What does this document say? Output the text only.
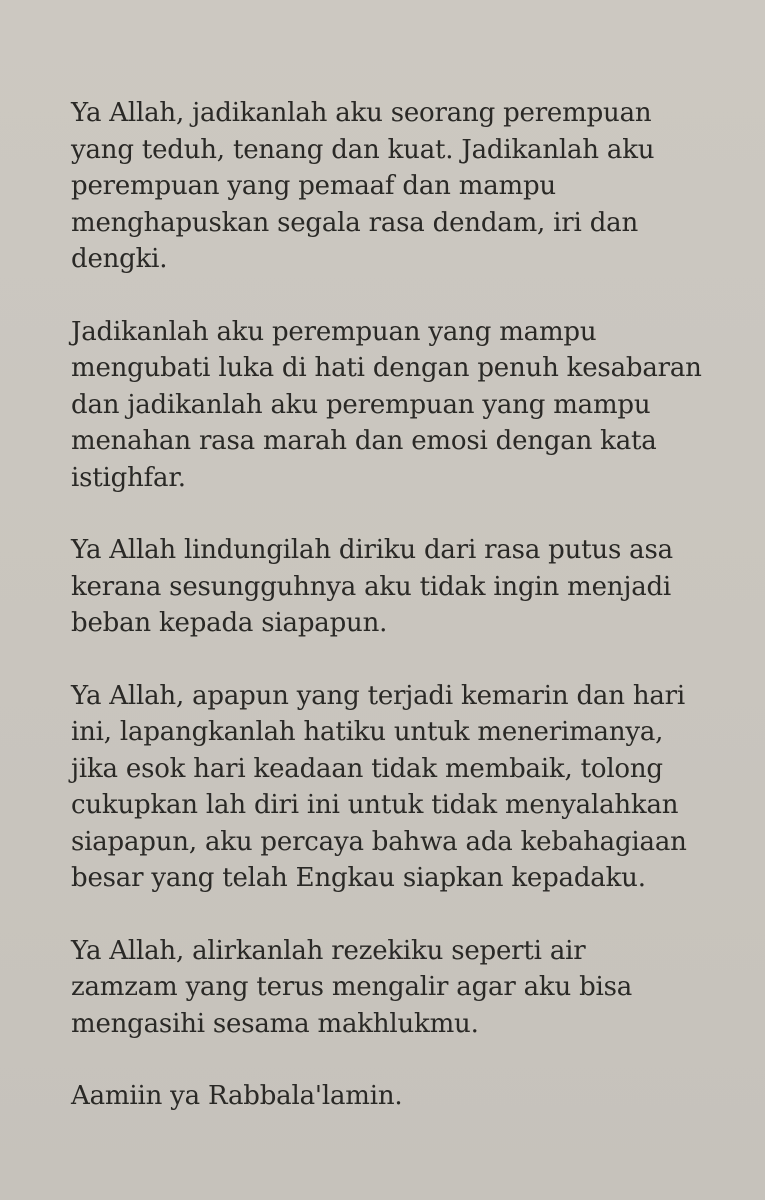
Ya Allah, jadikanlah aku seorang perempuan
yang teduh, tenang dan kuat. Jadikanlah aku
perempuan yang pemaaf dan mampu
menghapuskan segala rasa dendam, iri dan
dengki.

Jadikanlah aku perempuan yang mampu
mengubati luka di hati dengan penuh kesabaran
dan jadikanlah aku perempuan yang mampu
menahan rasa marah dan emosi dengan kata
istighfar.

Ya Allah lindungilah diriku dari rasa putus asa
kerana sesungguhnya aku tidak ingin menjadi
beban kepada siapapun.

Ya Allah, apapun yang terjadi kemarin dan hari
ini, lapangkanlah hatiku untuk menerimanya,
jika esok hari keadaan tidak membaik, tolong
cukupkan lah diri ini untuk tidak menyalahkan
siapapun, aku percaya bahwa ada kebahagiaan
besar yang telah Engkau siapkan kepadaku.

Ya Allah, alirkanlah rezekiku seperti air
zamzam yang terus mengalir agar aku bisa
mengasihi sesama makhlukmu.

Aamiin ya Rabbala'lamin.
